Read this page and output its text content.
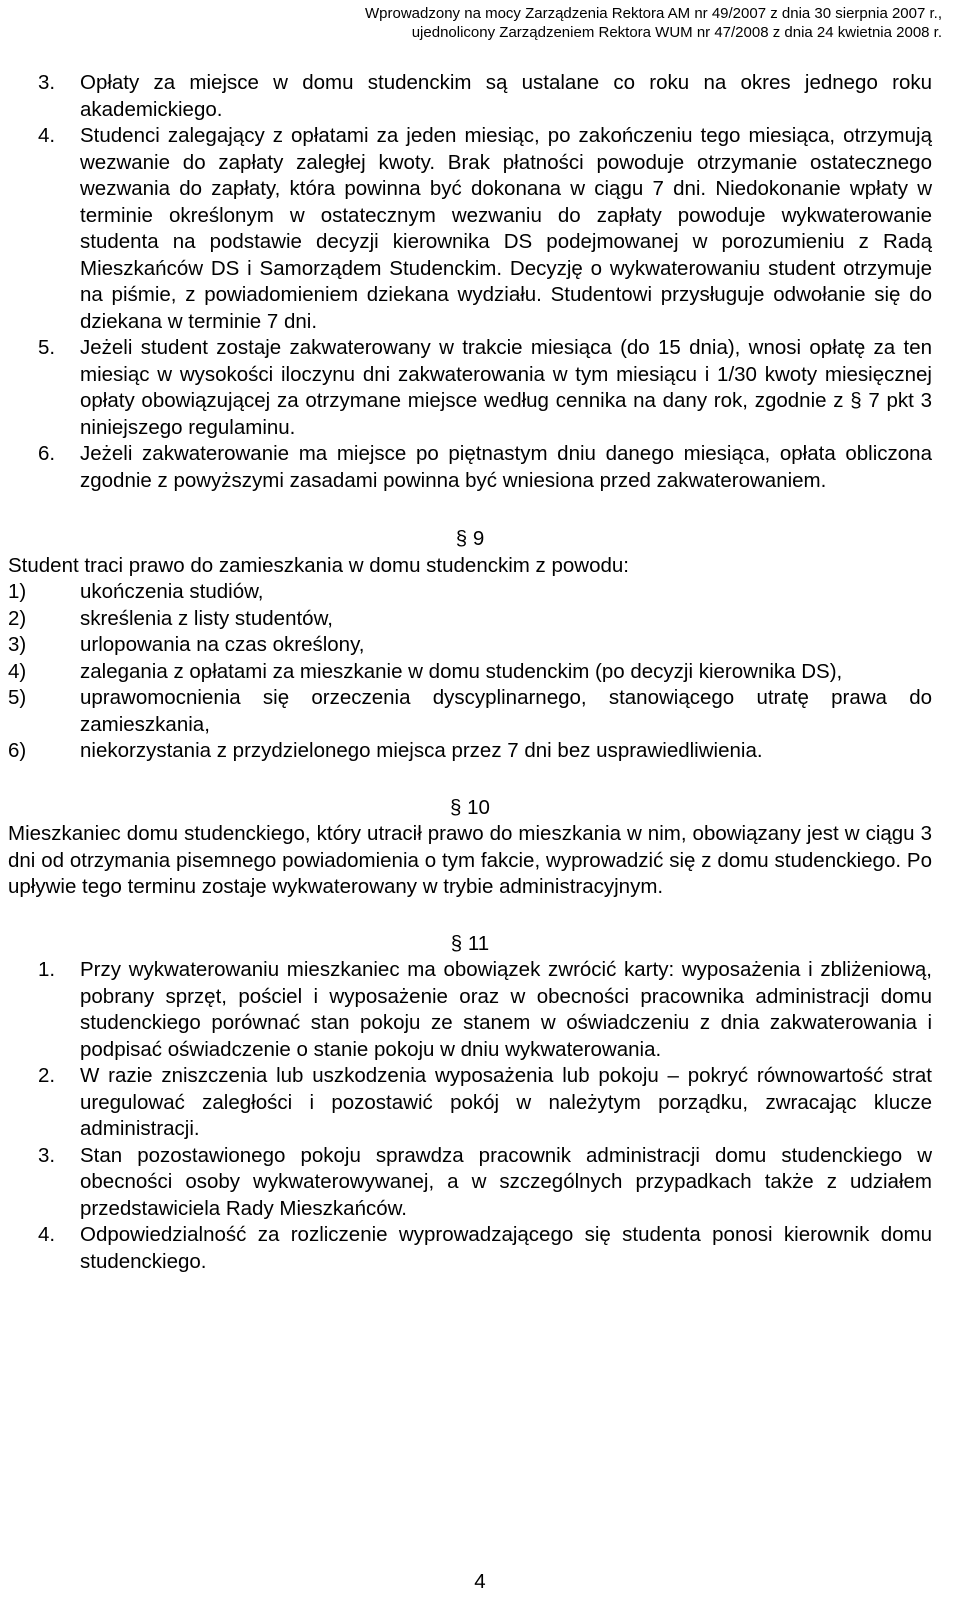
Wprowadzony na mocy Zarządzenia Rektora AM nr 49/2007 z dnia 30 sierpnia 2007 r.,
ujednolicony Zarządzeniem Rektora WUM nr 47/2008 z dnia 24 kwietnia 2008 r.
3. Opłaty za miejsce w domu studenckim są ustalane co roku na okres jednego roku akademickiego.
4. Studenci zalegający z opłatami za jeden miesiąc, po zakończeniu tego miesiąca, otrzymują wezwanie do zapłaty zaległej kwoty. Brak płatności powoduje otrzymanie ostatecznego wezwania do zapłaty, która powinna być dokonana w ciągu 7 dni. Niedokonanie wpłaty w terminie określonym w ostatecznym wezwaniu do zapłaty powoduje wykwaterowanie studenta na podstawie decyzji kierownika DS podejmowanej w porozumieniu z Radą Mieszkańców DS i Samorządem Studenckim. Decyzję o wykwaterowaniu student otrzymuje na piśmie, z powiadomieniem dziekana wydziału. Studentowi przysługuje odwołanie się do dziekana w terminie 7 dni.
5. Jeżeli student zostaje zakwaterowany w trakcie miesiąca (do 15 dnia), wnosi opłatę za ten miesiąc w wysokości iloczynu dni zakwaterowania w tym miesiącu i 1/30 kwoty miesięcznej opłaty obowiązującej za otrzymane miejsce według cennika na dany rok, zgodnie z § 7 pkt 3 niniejszego regulaminu.
6. Jeżeli zakwaterowanie ma miejsce po piętnastym dniu danego miesiąca, opłata obliczona zgodnie z powyższymi zasadami powinna być wniesiona przed zakwaterowaniem.
§ 9
Student traci prawo do zamieszkania w domu studenckim z powodu:
1)	ukończenia studiów,
2)	skreślenia z listy studentów,
3)	urlopowania na czas określony,
4)	zalegania z opłatami za mieszkanie w domu studenckim (po decyzji kierownika DS),
5)	uprawomocnienia się orzeczenia dyscyplinarnego, stanowiącego utratę prawa do zamieszkania,
6)	niekorzystania z przydzielonego miejsca przez 7 dni bez usprawiedliwienia.
§ 10
Mieszkaniec domu studenckiego, który utracił prawo do mieszkania w nim, obowiązany jest w ciągu 3 dni od otrzymania pisemnego powiadomienia o tym fakcie, wyprowadzić się z domu studenckiego. Po upływie tego terminu zostaje wykwaterowany w trybie administracyjnym.
§ 11
1. Przy wykwaterowaniu mieszkaniec ma obowiązek zwrócić karty: wyposażenia i zbliżeniową, pobrany sprzęt, pościel i wyposażenie oraz w obecności pracownika administracji domu studenckiego porównać stan pokoju ze stanem w oświadczeniu z dnia zakwaterowania i podpisać oświadczenie o stanie pokoju w dniu wykwaterowania.
2. W razie zniszczenia lub uszkodzenia wyposażenia lub pokoju – pokryć równowartość strat uregulować zaległości i pozostawić pokój w należytym porządku, zwracając klucze administracji.
3. Stan pozostawionego pokoju sprawdza pracownik administracji domu studenckiego w obecności osoby wykwaterowywanej, a w szczególnych przypadkach także z udziałem przedstawiciela Rady Mieszkańców.
4. Odpowiedzialność za rozliczenie wyprowadzającego się studenta ponosi kierownik domu studenckiego.
4
